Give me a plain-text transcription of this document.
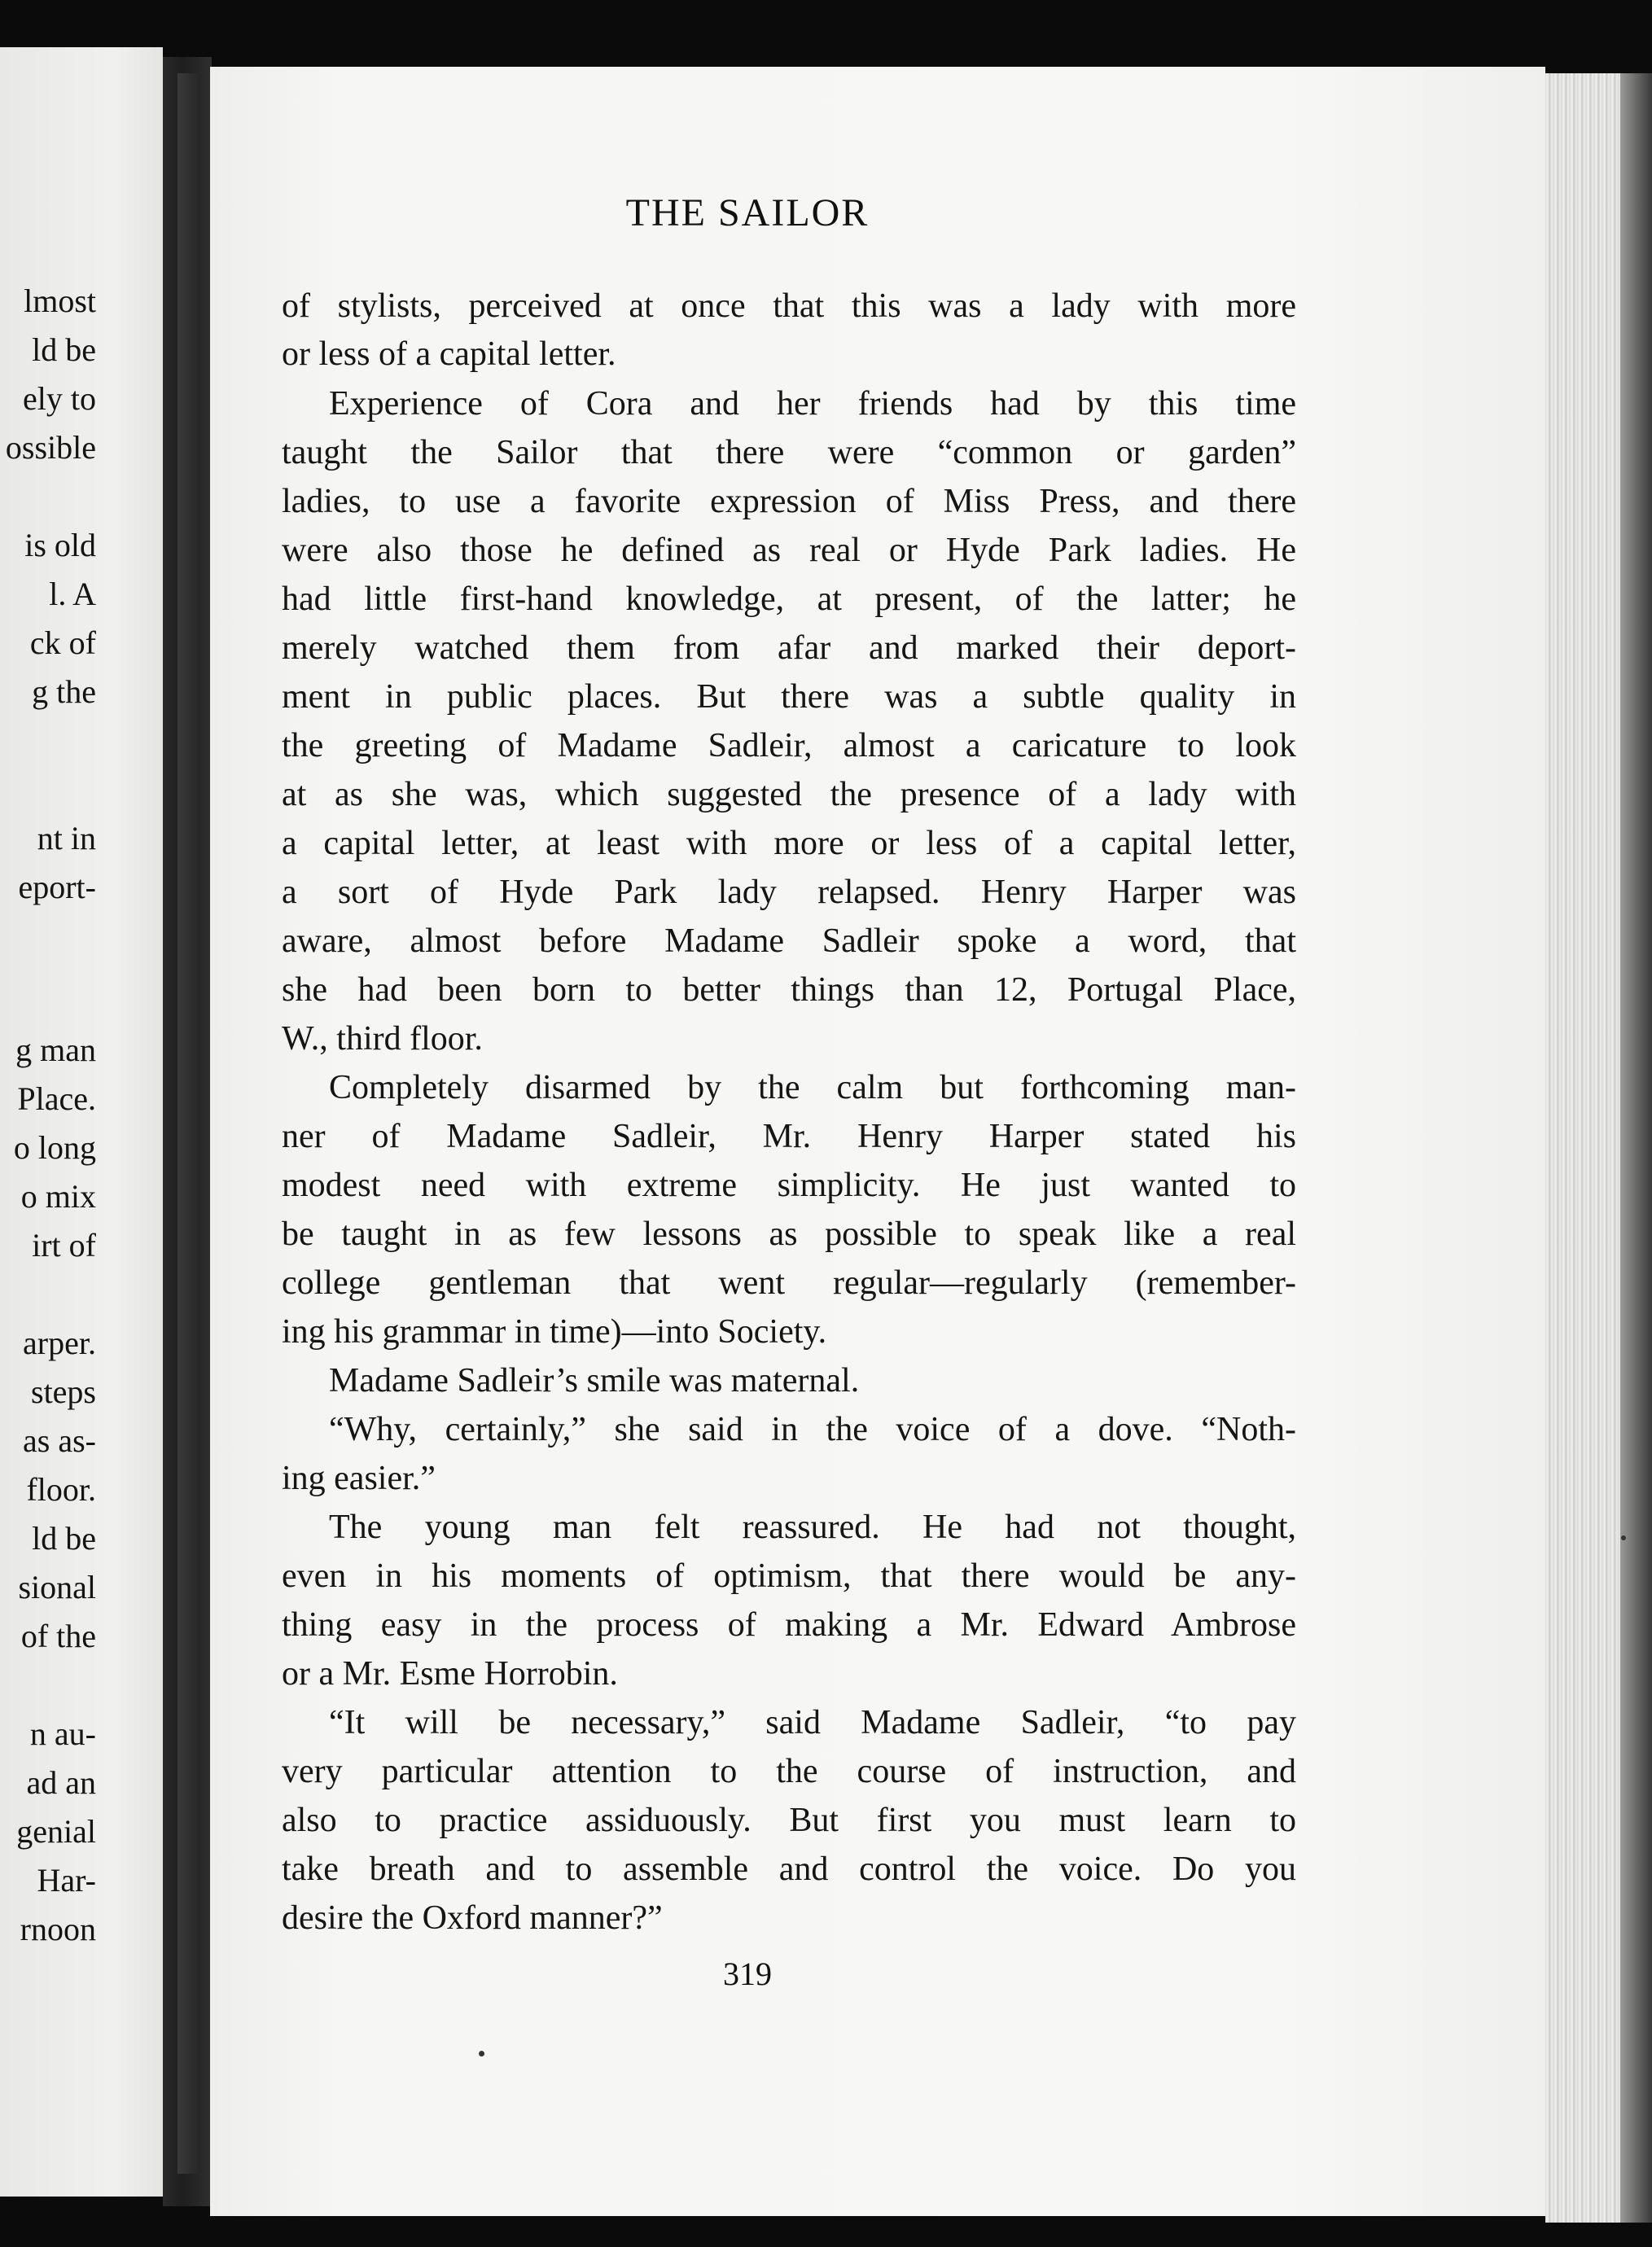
lmost
ld be
ely to
ossible
is old
l. A
ck of
g the
nt in
eport-
g man
Place.
o long
o mix
irt of
arper.
steps
as as-
floor.
ld be
sional
of the
n au-
ad an
genial
Har-
rnoon
THE SAILOR
of stylists, perceived at once that this was a lady with more
or less of a capital letter.
Experience of Cora and her friends had by this time
taught the Sailor that there were “common or garden”
ladies, to use a favorite expression of Miss Press, and there
were also those he defined as real or Hyde Park ladies. He
had little first-hand knowledge, at present, of the latter; he
merely watched them from afar and marked their deport-
ment in public places. But there was a subtle quality in
the greeting of Madame Sadleir, almost a caricature to look
at as she was, which suggested the presence of a lady with
a capital letter, at least with more or less of a capital letter,
a sort of Hyde Park lady relapsed. Henry Harper was
aware, almost before Madame Sadleir spoke a word, that
she had been born to better things than 12, Portugal Place,
W., third floor.
Completely disarmed by the calm but forthcoming man-
ner of Madame Sadleir, Mr. Henry Harper stated his
modest need with extreme simplicity. He just wanted to
be taught in as few lessons as possible to speak like a real
college gentleman that went regular—regularly (remember-
ing his grammar in time)—into Society.
Madame Sadleir’s smile was maternal.
“Why, certainly,” she said in the voice of a dove. “Noth-
ing easier.”
The young man felt reassured. He had not thought,
even in his moments of optimism, that there would be any-
thing easy in the process of making a Mr. Edward Ambrose
or a Mr. Esme Horrobin.
“It will be necessary,” said Madame Sadleir, “to pay
very particular attention to the course of instruction, and
also to practice assiduously. But first you must learn to
take breath and to assemble and control the voice. Do you
desire the Oxford manner?”
319
